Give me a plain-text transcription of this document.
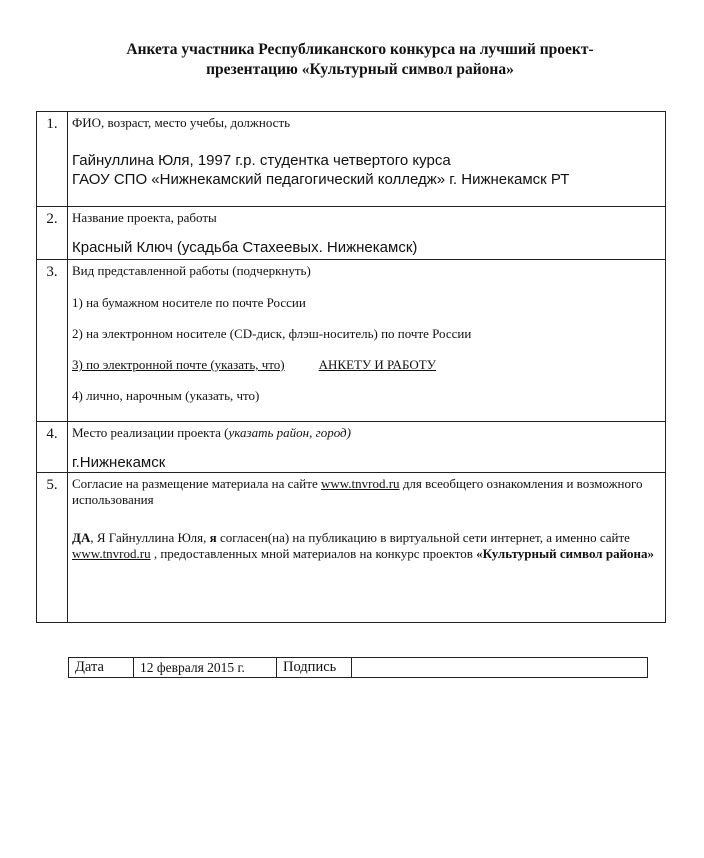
Анкета участника Республиканского конкурса на лучший проект-
презентацию «Культурный символ района»
1.	ФИО, возраст, место учебы, должность
Гайнуллина Юля, 1997 г.р. студентка четвертого курса
ГАОУ СПО «Нижнекамский педагогический колледж» г. Нижнекамск РТ

2.	Название проекта, работы
Красный Ключ (усадьба Стахеевых. Нижнекамск)

3.	Вид представленной работы (подчеркнуть)
1) на бумажном носителе по почте России
2) на электронном носителе (CD-диск, флэш-носитель) по почте России
3) по электронной почте (указать, что) АНКЕТУ И РАБОТУ
4) лично, нарочным (указать, что)

4.	Место реализации проекта (указать район, город)
г.Нижнекамск

5.	Согласие на размещение материала на сайте www.tnvrod.ru для всеобщего ознакомления и возможного использования
ДА, Я Гайнуллина Юля, я согласен(на) на публикацию в виртуальной сети интернет, а именно сайте www.tnvrod.ru , предоставленных мной материалов на конкурс проектов «Культурный символ района»
Дата	12 февраля 2015 г.	Подпись	
